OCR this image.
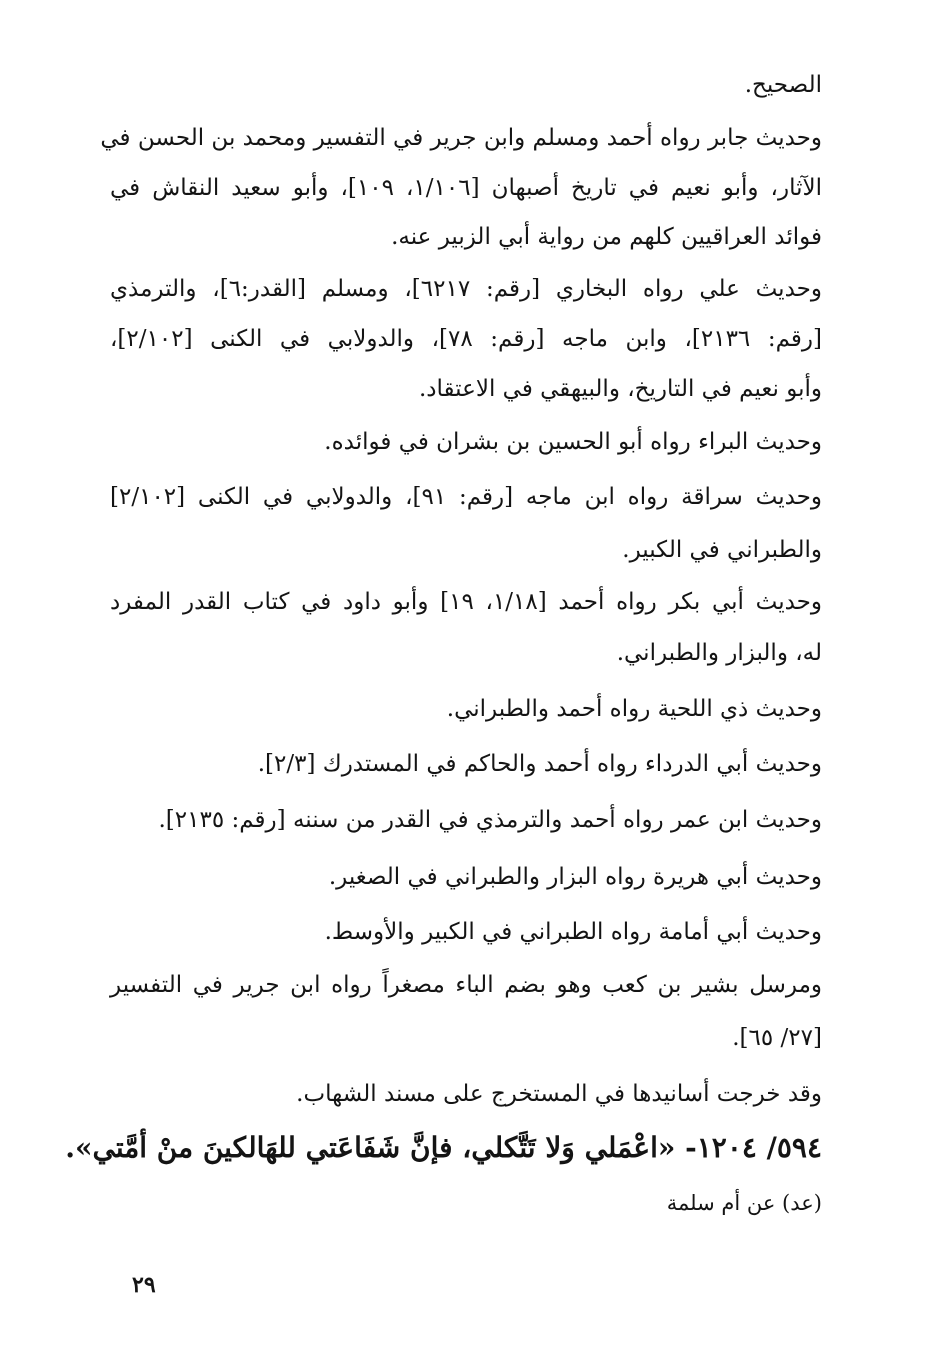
الصحيح.
وحديث جابر رواه أحمد ومسلم وابن جرير في التفسير ومحمد بن الحسن في
الآثار، وأبو نعيم في تاريخ أصبهان [١/١٠٦، ١٠٩]، وأبو سعيد النقاش في
فوائد العراقيين كلهم من رواية أبي الزبير عنه.
وحديث علي رواه البخاري [رقم: ٦٢١٧]، ومسلم [القدر:٦]، والترمذي
[رقم: ٢١٣٦]، وابن ماجه [رقم: ٧٨]، والدولابي في الكنى [٢/١٠٢]،
وأبو نعيم في التاريخ، والبيهقي في الاعتقاد.
وحديث البراء رواه أبو الحسين بن بشران في فوائده.
وحديث سراقة رواه ابن ماجه [رقم: ٩١]، والدولابي في الكنى [٢/١٠٢]
والطبراني في الكبير.
وحديث أبي بكر رواه أحمد [١/١٨، ١٩] وأبو داود في كتاب القدر المفرد
له، والبزار والطبراني.
وحديث ذي اللحية رواه أحمد والطبراني.
وحديث أبي الدرداء رواه أحمد والحاكم في المستدرك [٢/٣].
وحديث ابن عمر رواه أحمد والترمذي في القدر من سننه [رقم: ٢١٣٥].
وحديث أبي هريرة رواه البزار والطبراني في الصغير.
وحديث أبي أمامة رواه الطبراني في الكبير والأوسط.
ومرسل بشير بن كعب وهو بضم الباء مصغراً رواه ابن جرير في التفسير
[٢٧/ ٦٥].
وقد خرجت أسانيدها في المستخرج على مسند الشهاب.
٥٩٤/ ١٢٠٤- «اعْمَلي وَلا تَتَّكلي، فإنَّ شَفَاعَتي للهَالكينَ منْ أمَّتي».
(عد) عن أم سلمة
٢٩
